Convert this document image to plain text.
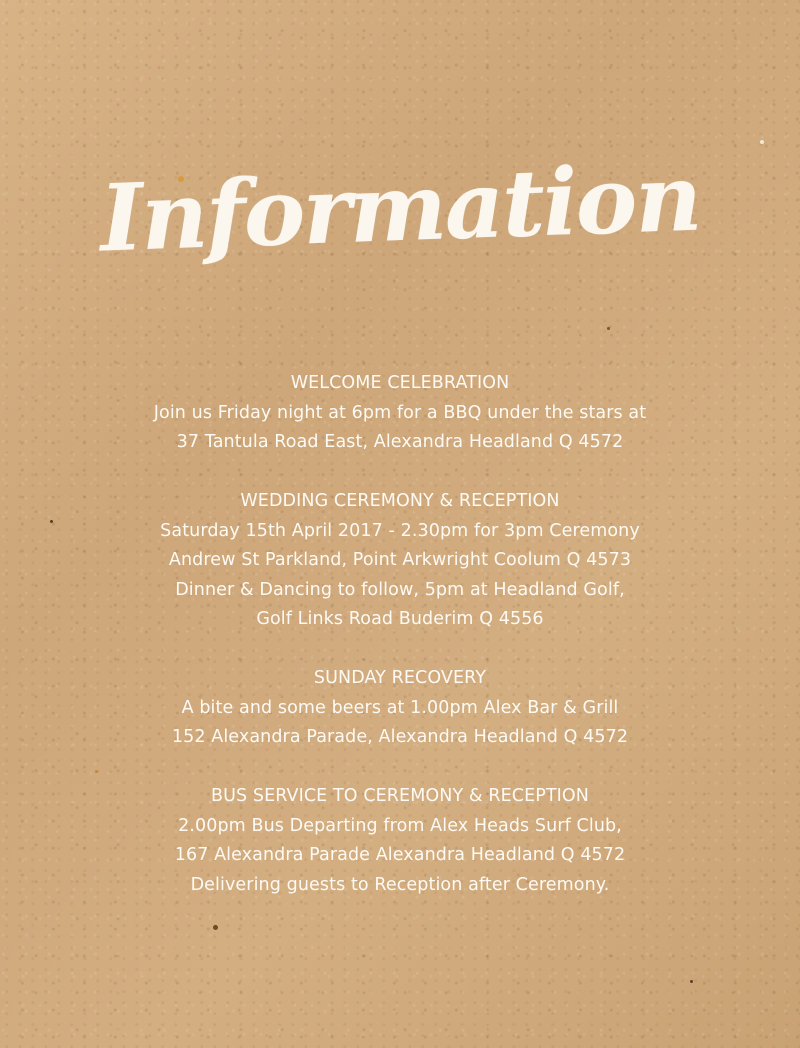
Information
WELCOME CELEBRATION
Join us Friday night at 6pm for a BBQ under the stars at
37 Tantula Road East, Alexandra Headland Q 4572
WEDDING CEREMONY & RECEPTION
Saturday 15th April 2017 - 2.30pm for 3pm Ceremony
Andrew St Parkland, Point Arkwright Coolum Q 4573
Dinner & Dancing to follow, 5pm at Headland Golf,
Golf Links Road Buderim Q 4556
SUNDAY RECOVERY
A bite and some beers at 1.00pm Alex Bar & Grill
152 Alexandra Parade, Alexandra Headland Q 4572
BUS SERVICE TO CEREMONY & RECEPTION
2.00pm Bus Departing from Alex Heads Surf Club,
167 Alexandra Parade Alexandra Headland Q 4572
Delivering guests to Reception after Ceremony.
